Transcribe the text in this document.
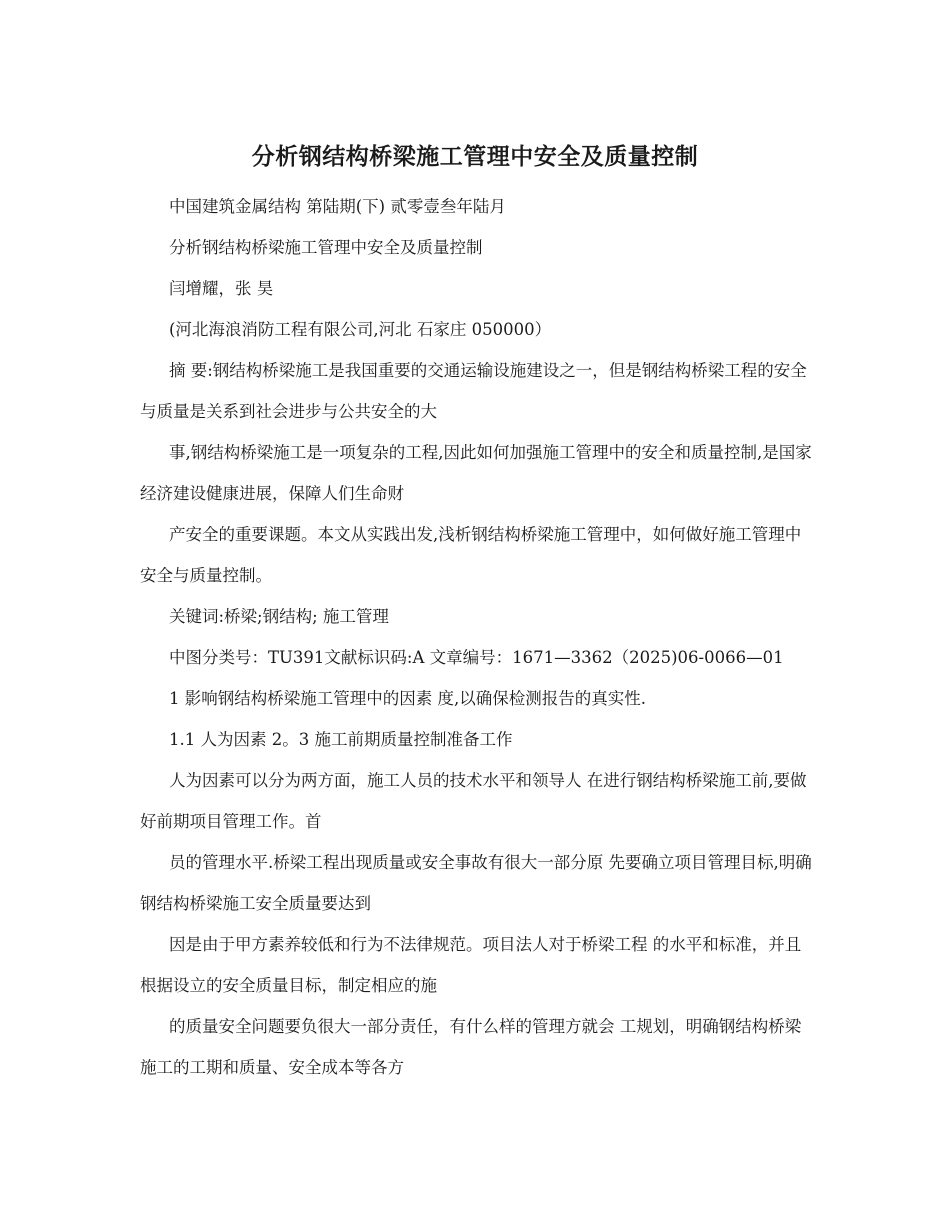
分析钢结构桥梁施工管理中安全及质量控制

中国建筑金属结构 第陆期(下) 贰零壹叁年陆月

分析钢结构桥梁施工管理中安全及质量控制

闫增耀，张 昊

(河北海浪消防工程有限公司,河北 石家庄 050000）

摘 要:钢结构桥梁施工是我国重要的交通运输设施建设之一，但是钢结构桥梁工程的安全与质量是关系到社会进步与公共安全的大

事,钢结构桥梁施工是一项复杂的工程,因此如何加强施工管理中的安全和质量控制,是国家经济建设健康进展，保障人们生命财

产安全的重要课题。本文从实践出发,浅析钢结构桥梁施工管理中，如何做好施工管理中安全与质量控制。

关键词:桥梁;钢结构; 施工管理

中图分类号：TU391文献标识码:A 文章编号：1671—3362（2025)06-0066—01

1 影响钢结构桥梁施工管理中的因素 度,以确保检测报告的真实性.

1.1 人为因素 2。3 施工前期质量控制准备工作

人为因素可以分为两方面，施工人员的技术水平和领导人 在进行钢结构桥梁施工前,要做好前期项目管理工作。首

员的管理水平.桥梁工程出现质量或安全事故有很大一部分原 先要确立项目管理目标,明确钢结构桥梁施工安全质量要达到

因是由于甲方素养较低和行为不法律规范。项目法人对于桥梁工程 的水平和标准，并且根据设立的安全质量目标，制定相应的施

的质量安全问题要负很大一部分责任，有什么样的管理方就会 工规划，明确钢结构桥梁施工的工期和质量、安全成本等各方
